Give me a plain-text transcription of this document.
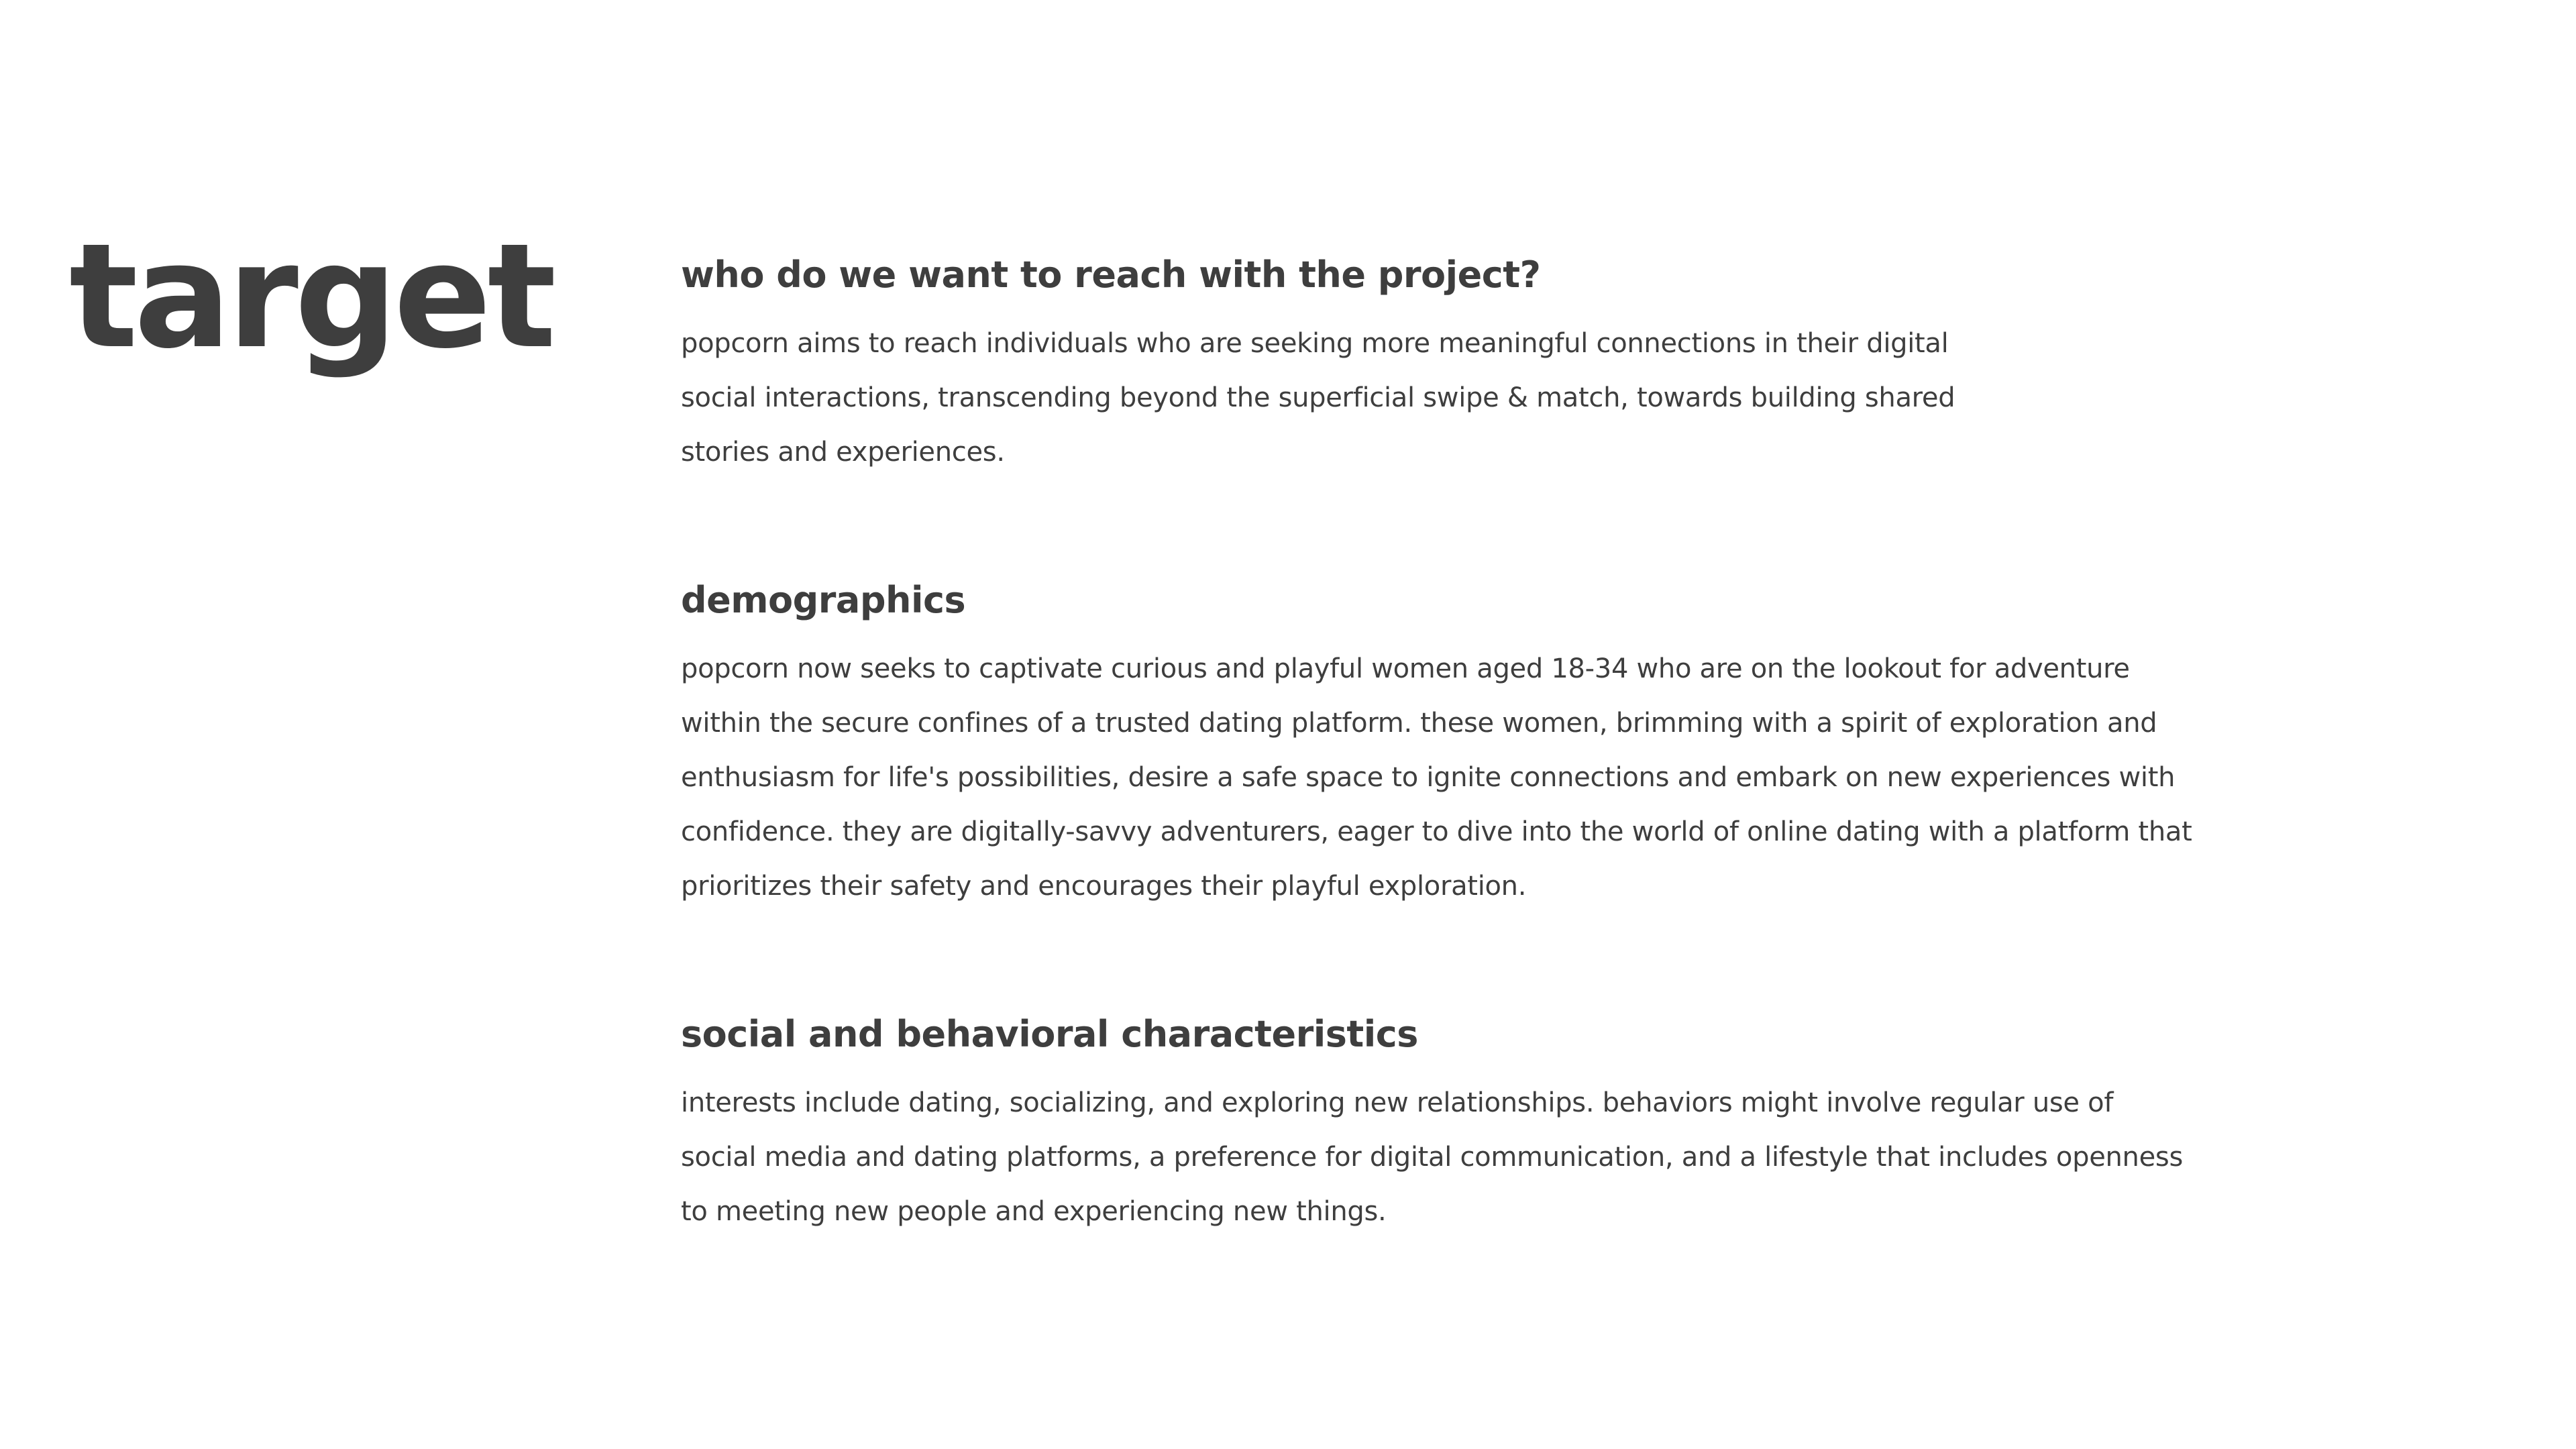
target	who do we want to reach with the project?

popcorn aims to reach individuals who are seeking more meaningful connections in their digital social interactions, transcending beyond the superficial swipe & match, towards building shared stories and experiences.

demographics

popcorn now seeks to captivate curious and playful women aged 18-34 who are on the lookout for adventure within the secure confines of a trusted dating platform. these women, brimming with a spirit of exploration and enthusiasm for life's possibilities, desire a safe space to ignite connections and embark on new experiences with confidence. they are digitally-savvy adventurers, eager to dive into the world of online dating with a platform that prioritizes their safety and encourages their playful exploration.

social and behavioral characteristics

interests include dating, socializing, and exploring new relationships. behaviors might involve regular use of social media and dating platforms, a preference for digital communication, and a lifestyle that includes openness to meeting new people and experiencing new things.
